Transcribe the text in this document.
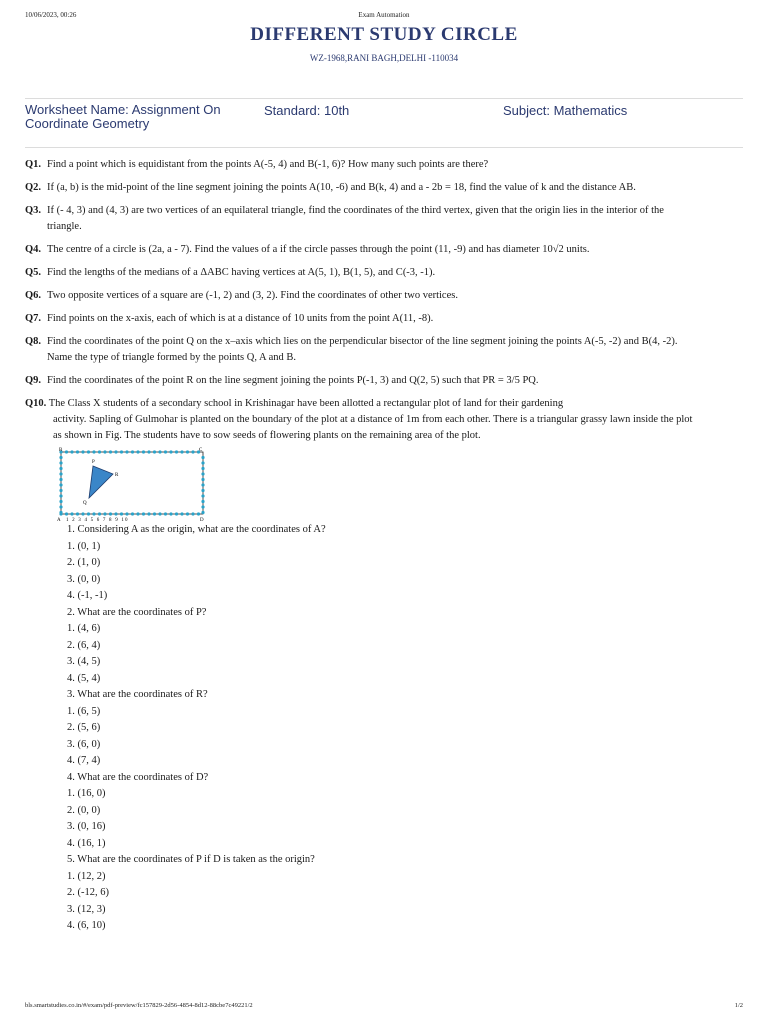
10/06/2023, 00:26	Exam Automation
DIFFERENT STUDY CIRCLE
WZ-1968,RANI BAGH,DELHI -110034
Worksheet Name: Assignment On Coordinate Geometry
Standard: 10th	Subject: Mathematics
Q1. Find a point which is equidistant from the points A(-5, 4) and B(-1, 6)? How many such points are there?
Q2. If (a, b) is the mid-point of the line segment joining the points A(10, -6) and B(k, 4) and a - 2b = 18, find the value of k and the distance AB.
Q3. If (- 4, 3) and (4, 3) are two vertices of an equilateral triangle, find the coordinates of the third vertex, given that the origin lies in the interior of the triangle.
Q4. The centre of a circle is (2a, a - 7). Find the values of a if the circle passes through the point (11, -9) and has diameter 10√2 units.
Q5. Find the lengths of the medians of a ΔABC having vertices at A(5, 1), B(1, 5), and C(-3, -1).
Q6. Two opposite vertices of a square are (-1, 2) and (3, 2). Find the coordinates of other two vertices.
Q7. Find points on the x-axis, each of which is at a distance of 10 units from the point A(11, -8).
Q8. Find the coordinates of the point Q on the x–axis which lies on the perpendicular bisector of the line segment joining the points A(-5, -2) and B(4, -2). Name the type of triangle formed by the points Q, A and B.
Q9. Find the coordinates of the point R on the line segment joining the points P(-1, 3) and Q(2, 5) such that PR = 3/5 PQ.
Q10. The Class X students of a secondary school in Krishinagar have been allotted a rectangular plot of land for their gardening
activity. Sapling of Gulmohar is planted on the boundary of the plot at a distance of 1m from each other. There is a triangular grassy lawn inside the plot as shown in Fig. The students have to sow seeds of flowering plants on the remaining area of the plot.
B	C
A	D
P
R
Q
1 2 3 4 5 6 7 8 9 10
1. Considering A as the origin, what are the coordinates of A?
1. (0, 1)
2. (1, 0)
3. (0, 0)
4. (-1, -1)
2. What are the coordinates of P?
1. (4, 6)
2. (6, 4)
3. (4, 5)
4. (5, 4)
3. What are the coordinates of R?
1. (6, 5)
2. (5, 6)
3. (6, 0)
4. (7, 4)
4. What are the coordinates of D?
1. (16, 0)
2. (0, 0)
3. (0, 16)
4. (16, 1)
5. What are the coordinates of P if D is taken as the origin?
1. (12, 2)
2. (-12, 6)
3. (12, 3)
4. (6, 10)
bls.smartstudies.co.in/#/exam/pdf-preview/fc157829-2d56-4854-8d12-88cbe7c49221/2	1/2
